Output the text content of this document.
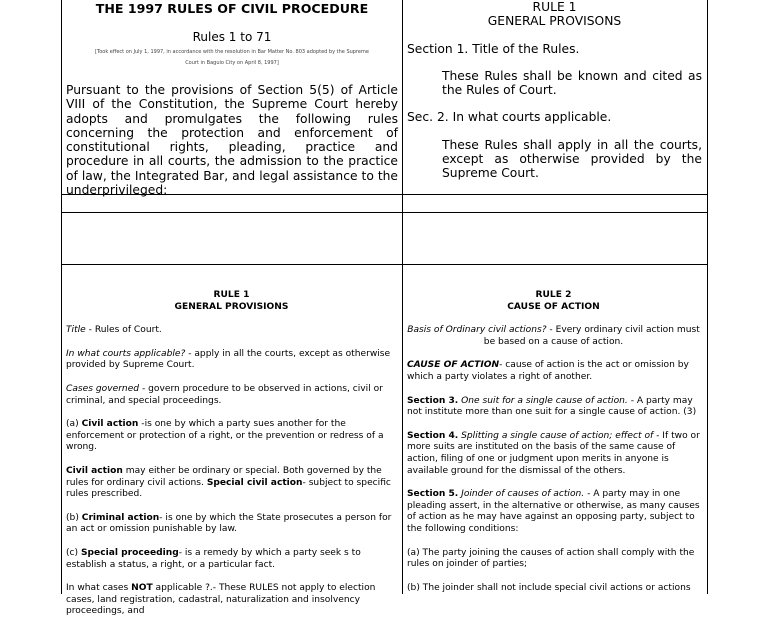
THE 1997 RULES OF CIVIL PROCEDURE
Rules 1 to 71
[Took effect on July 1, 1997, in accordance with the resolution in Bar Matter No. 803 adopted by the Supreme
Court in Baguio City on April 8, 1997]

Pursuant to the provisions of Section 5(5) of Article VIII of the Constitution, the Supreme Court hereby adopts and promulgates the following rules concerning the protection and enforcement of constitutional rights, pleading, practice and procedure in all courts, the admission to the practice of law, the Integrated Bar, and legal assistance to the underprivileged:

RULE 1
GENERAL PROVISONS
Section 1. Title of the Rules.

These Rules shall be known and cited as the Rules of Court.

Sec. 2. In what courts applicable.

These Rules shall apply in all the courts, except as otherwise provided by the Supreme Court.

RULE 1
GENERAL PROVISIONS

Title - Rules of Court.

In what courts applicable? - apply in all the courts, except as otherwise provided by Supreme Court.

Cases governed - govern procedure to be observed in actions, civil or criminal, and special proceedings.

(a) Civil action -is one by which a party sues another for the enforcement or protection of a right, or the prevention or redress of a wrong.

Civil action may either be ordinary or special. Both governed by the rules for ordinary civil actions. Special civil action- subject to specific rules prescribed.

(b) Criminal action- is one by which the State prosecutes a person for an act or omission punishable by law.

(c) Special proceeding- is a remedy by which a party seek s to establish a status, a right, or a particular fact.

In what cases NOT applicable ?.- These RULES not apply to election cases, land registration, cadastral, naturalization and insolvency proceedings, and

RULE 2
CAUSE OF ACTION

Basis of Ordinary civil actions? - Every ordinary civil action must be based on a cause of action.

CAUSE OF ACTION- cause of action is the act or omission by which a party violates a right of another.

Section 3. One suit for a single cause of action. - A party may not institute more than one suit for a single cause of action. (3)

Section 4. Splitting a single cause of action; effect of - If two or more suits are instituted on the basis of the same cause of action, filing of one or judgment upon merits in anyone is available ground for the dismissal of the others.

Section 5. Joinder of causes of action. - A party may in one pleading assert, in the alternative or otherwise, as many causes of action as he may have against an opposing party, subject to the following conditions:

(a) The party joining the causes of action shall comply with the rules on joinder of parties;

(b) The joinder shall not include special civil actions or actions
